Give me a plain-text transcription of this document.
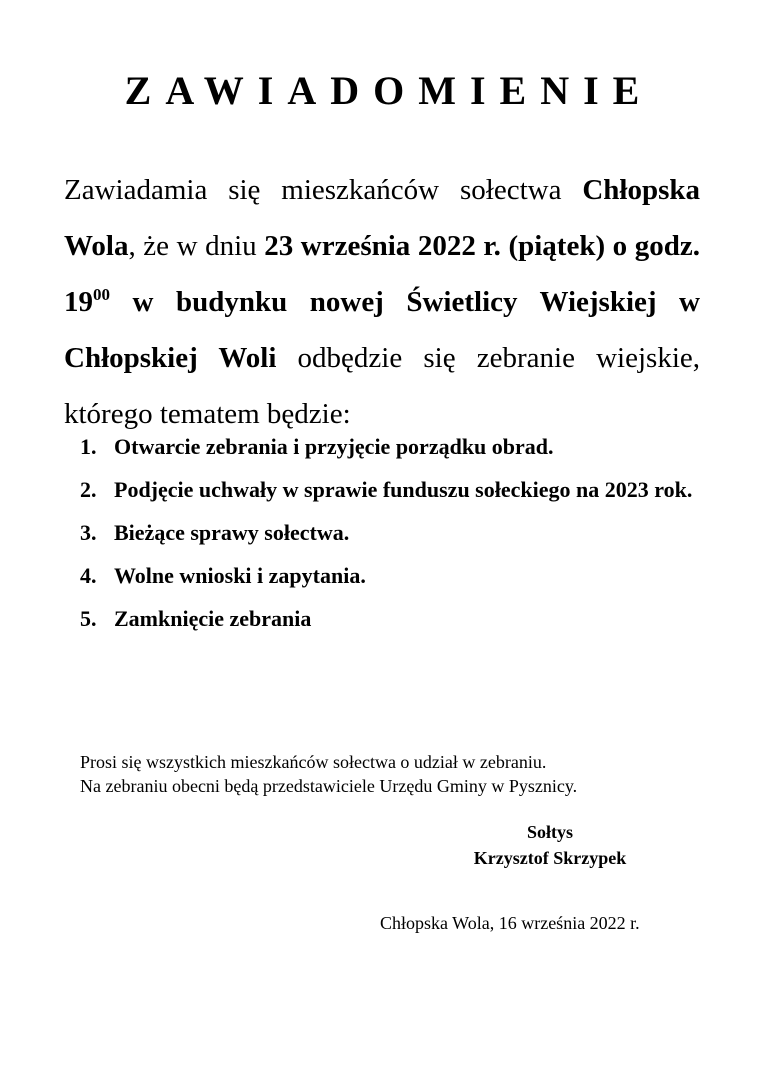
ZAWIADOMIENIE
Zawiadamia się mieszkańców sołectwa Chłopska Wola, że w dniu 23 września 2022 r. (piątek) o godz. $19^{00}$ w budynku nowej Świetlicy Wiejskiej w Chłopskiej Woli odbędzie się zebranie wiejskie, którego tematem będzie:
1. Otwarcie zebrania i przyjęcie porządku obrad.
2. Podjęcie uchwały w sprawie funduszu sołeckiego na 2023 rok.
3. Bieżące sprawy sołectwa.
4. Wolne wnioski i zapytania.
5. Zamknięcie zebrania
Prosi się wszystkich mieszkańców sołectwa o udział w zebraniu.
Na zebraniu obecni będą przedstawiciele Urzędu Gminy w Pysznicy.
Sołtys
Krzysztof Skrzypek
Chłopska Wola, 16 września 2022 r.
